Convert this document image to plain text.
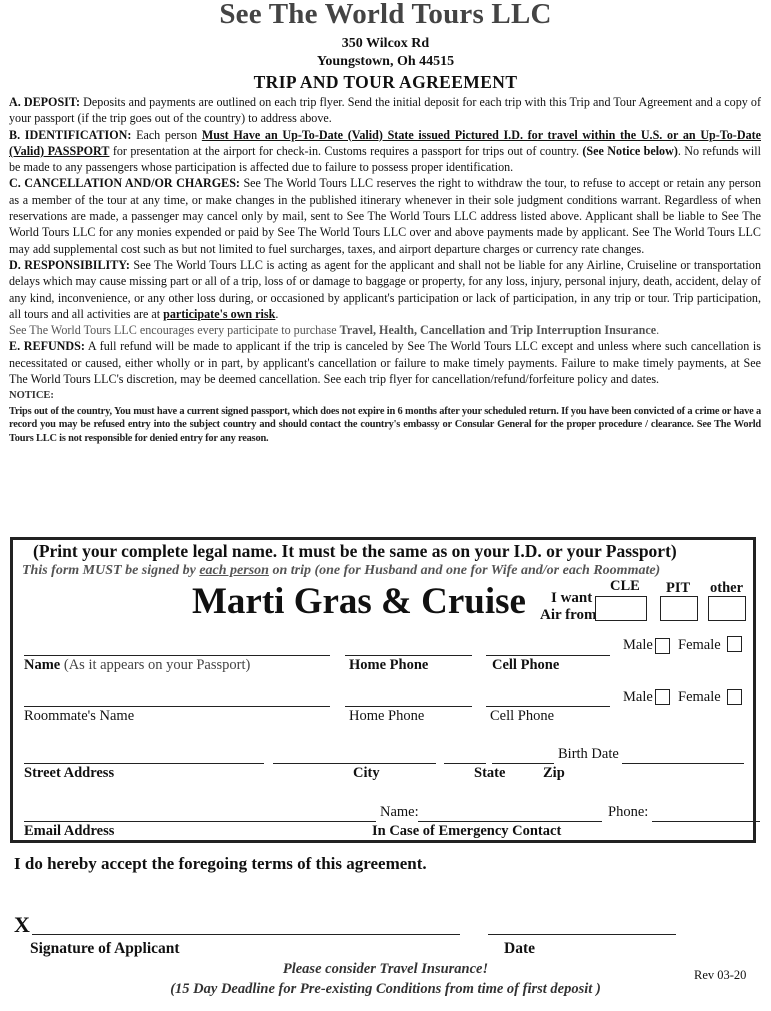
See The World Tours LLC
350 Wilcox Rd
Youngstown, Oh 44515
TRIP AND TOUR AGREEMENT

A. DEPOSIT: Deposits and payments are outlined on each trip flyer. Send the initial deposit for each trip with this Trip and Tour Agreement and a copy of your passport (if the trip goes out of the country) to address above.

B. IDENTIFICATION: Each person Must Have an Up-To-Date (Valid) State issued Pictured I.D. for travel within the U.S. or an Up-To-Date (Valid) PASSPORT for presentation at the airport for check-in. Customs requires a passport for trips out of country. (See Notice below). No refunds will be made to any passengers whose participation is affected due to failure to possess proper identification.

C. CANCELLATION AND/OR CHARGES: See The World Tours LLC reserves the right to withdraw the tour, to refuse to accept or retain any person as a member of the tour at any time, or make changes in the published itinerary whenever in their sole judgment conditions warrant. Regardless of when reservations are made, a passenger may cancel only by mail, sent to See The World Tours LLC address listed above. Applicant shall be liable to See The World Tours LLC for any monies expended or paid by See The World Tours LLC over and above payments made by applicant. See The World Tours LLC may add supplemental cost such as but not limited to fuel surcharges, taxes, and airport departure charges or currency rate changes.

D. RESPONSIBILITY: See The World Tours LLC is acting as agent for the applicant and shall not be liable for any Airline, Cruiseline or transportation delays which may cause missing part or all of a trip, loss of or damage to baggage or property, for any loss, injury, personal injury, death, accident, delay of any kind, inconvenience, or any other loss during, or occasioned by applicant's participation or lack of participation, in any trip or tour. Trip participation, all tours and all activities are at participate's own risk.

See The World Tours LLC encourages every participate to purchase Travel, Health, Cancellation and Trip Interruption Insurance.

E. REFUNDS: A full refund will be made to applicant if the trip is canceled by See The World Tours LLC except and unless where such cancellation is necessitated or caused, either wholly or in part, by applicant's cancellation or failure to make timely payments. Failure to make timely payments, at See The World Tours LLC's discretion, may be deemed cancellation. See each trip flyer for cancellation/refund/forfeiture policy and dates.

NOTICE:

Trips out of the country, You must have a current signed passport, which does not expire in 6 months after your scheduled return. If you have been convicted of a crime or have a record you may be refused entry into the subject country and should contact the country's embassy or Consular General for the proper procedure / clearance. See The World Tours LLC is not responsible for denied entry for any reason.

(Print your complete legal name. It must be the same as on your I.D. or your Passport)
This form MUST be signed by each person on trip (one for Husband and one for Wife and/or each Roommate)
Marti Gras & Cruise I want
Air from
CLE PIT other
Male Female
Name (As it appears on your Passport)	Home Phone	Cell Phone
Male Female
Roommate's Name	Home Phone	Cell Phone
Birth Date
Street Address	City	State	Zip
Name:	Phone:
Email Address	In Case of Emergency Contact
I do hereby accept the foregoing terms of this agreement.
X
Signature of Applicant	Date
Please consider Travel Insurance!	Rev 03-20
(15 Day Deadline for Pre-existing Conditions from time of first deposit )
